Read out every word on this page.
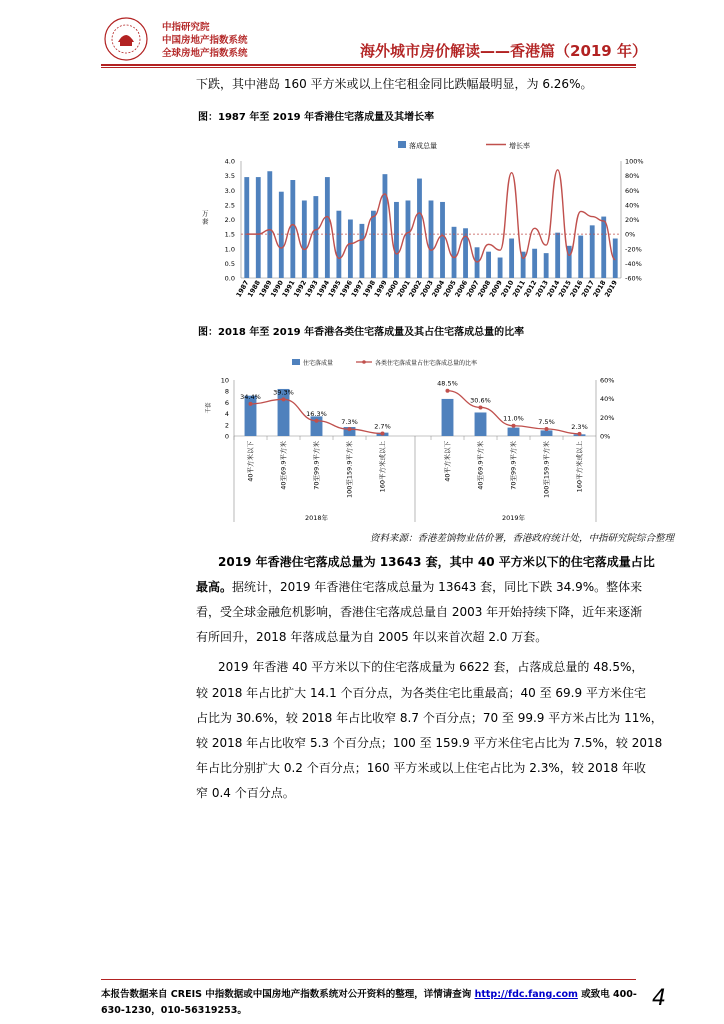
中指研究院
中国房地产指数系统
全球房地产指数系统	海外城市房价解读——香港篇（2019 年）
下跌，其中港岛 160 平方米或以上住宅租金同比跌幅最明显，为 6.26%。
图：1987 年至 2019 年香港住宅落成量及其增长率
落成总量	增长率
4.0
3.5
3.0
2.5
2.0
1.5
1.0
0.5
0.0
万
套
100%
80%
60%
40%
20%
0%
-20%
-40%
-60%
1987
1988
1989
1990
1991
1992
1993
1994
1995
1996
1997
1998
1999
2000
2001
2002
2003
2004
2005
2006
2007
2008
2009
2010
2011
2012
2013
2014
2015
2016
2017
2018
2019
图：2018 年至 2019 年香港各类住宅落成量及其占住宅落成总量的比率
住宅落成量	各类住宅落成量占住宅落成总量的比率
10
8
6
4
2
0
千套
60%
40%
20%
0%
40平方米以下	40至69.9平方米	70至99.9平方米	100至159.9平方米	160平方米或以上
34.4%
39.3%
16.3%
7.3%
2.7%
2018年
40平方米以下	40至69.9平方米	70至99.9平方米	100至159.9平方米	160平方米或以上
48.5%
30.6%
11.0% 7.5%
2.3%
2019年
资料来源：香港差饷物业估价署，香港政府统计处，中指研究院综合整理
2019 年香港住宅落成总量为 13643 套，其中 40 平方米以下的住宅落成量占比
最高。据统计，2019 年香港住宅落成总量为 13643 套，同比下跌 34.9%。整体来
看，受全球金融危机影响，香港住宅落成总量自 2003 年开始持续下降，近年来逐渐
有所回升，2018 年落成总量为自 2005 年以来首次超 2.0 万套。
2019 年香港 40 平方米以下的住宅落成量为 6622 套，占落成总量的 48.5%，
较 2018 年占比扩大 14.1 个百分点，为各类住宅比重最高；40 至 69.9 平方米住宅
占比为 30.6%，较 2018 年占比收窄 8.7 个百分点；70 至 99.9 平方米占比为 11%，
较 2018 年占比收窄 5.3 个百分点；100 至 159.9 平方米住宅占比为 7.5%，较 2018
年占比分别扩大 0.2 个百分点；160 平方米或以上住宅占比为 2.3%，较 2018 年收
窄 0.4 个百分点。
本报告数据来自 CREIS 中指数据或中国房地产指数系统对公开资料的整理，详情请查询 http://fdc.fang.com 或致电 400-
630-1230，010-56319253。	4
